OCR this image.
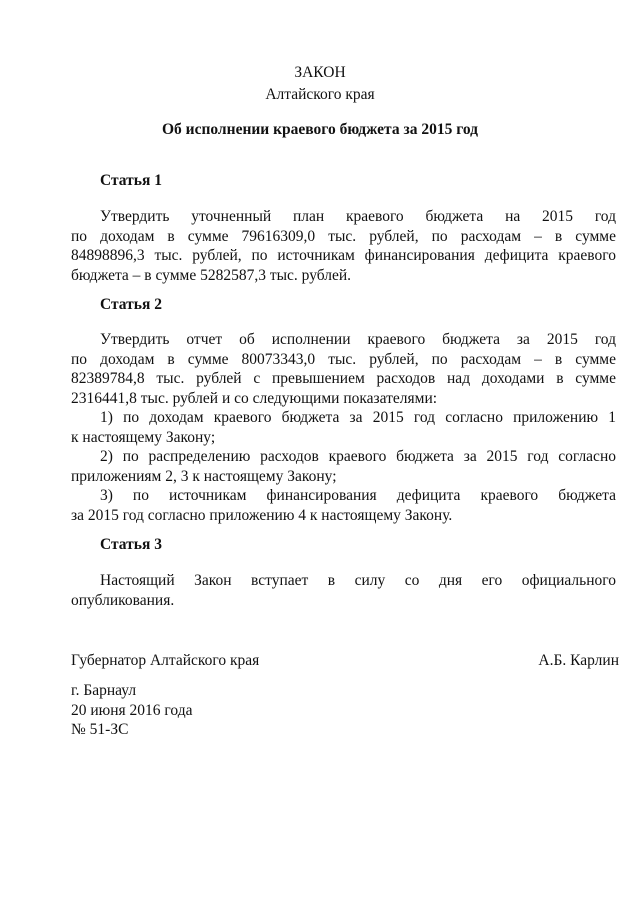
ЗАКОН
Алтайского края
Об исполнении краевого бюджета за 2015 год
Статья 1
Утвердить уточненный план краевого бюджета на 2015 год
по доходам в сумме 79616309,0 тыс. рублей, по расходам – в сумме
84898896,3 тыс. рублей, по источникам финансирования дефицита краевого
бюджета – в сумме 5282587,3 тыс. рублей.
Статья 2
Утвердить отчет об исполнении краевого бюджета за 2015 год
по доходам в сумме 80073343,0 тыс. рублей, по расходам – в сумме
82389784,8 тыс. рублей с превышением расходов над доходами в сумме
2316441,8 тыс. рублей и со следующими показателями:
1) по доходам краевого бюджета за 2015 год согласно приложению 1
к настоящему Закону;
2) по распределению расходов краевого бюджета за 2015 год согласно
приложениям 2, 3 к настоящему Закону;
3) по источникам финансирования дефицита краевого бюджета
за 2015 год согласно приложению 4 к настоящему Закону.
Статья 3
Настоящий Закон вступает в силу со дня его официального
опубликования.
Губернатор Алтайского края	А.Б. Карлин
г. Барнаул
20 июня 2016 года
№ 51-ЗС
